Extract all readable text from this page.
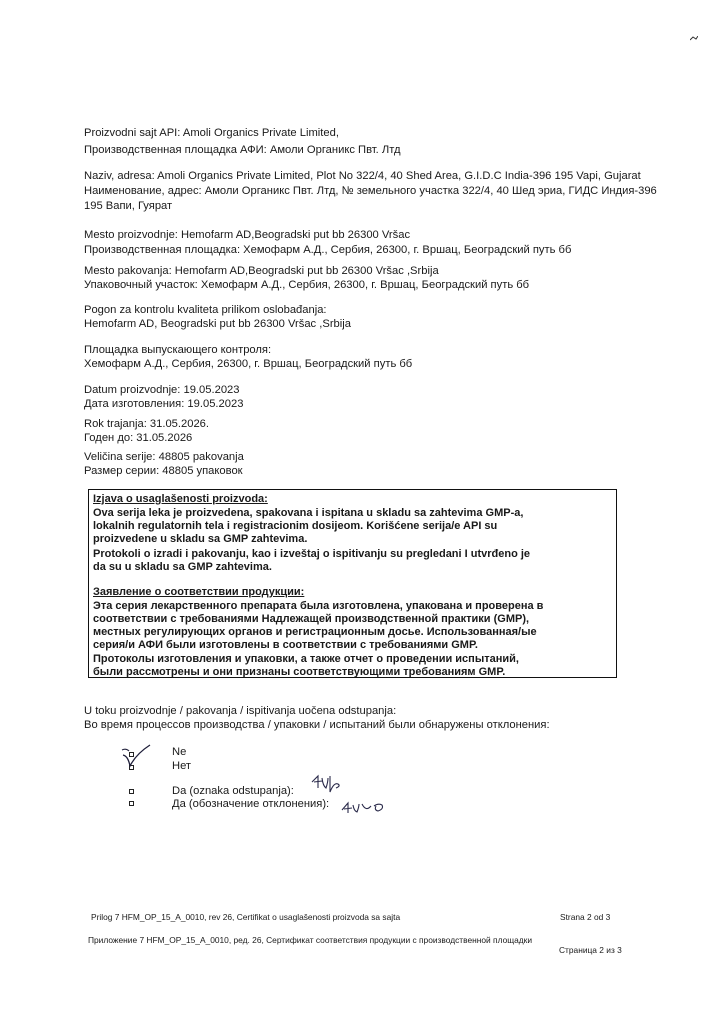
Proizvodni sajt API: Amoli Organics Private Limited,
Производственная площадка АФИ: Амоли Органикс Пвт. Лтд
Naziv, adresa: Amoli Organics Private Limited, Plot No 322/4, 40 Shed Area, G.I.D.C India-396 195 Vapi, Gujarat
Наименование, адрес: Амоли Органикс Пвт. Лтд, № земельного участка 322/4, 40 Шед эриа, ГИДС Индия-396
195 Вапи, Гуярат
Mesto proizvodnje: Hemofarm AD,Beogradski put bb 26300 Vršac
Производственная площадка: Хемофарм А.Д., Сербия, 26300, г. Вршац, Београдский путь бб
Mesto pakovanja: Hemofarm AD,Beogradski put bb 26300 Vršac ,Srbija
Упаковочный участок: Хемофарм А.Д., Сербия, 26300, г. Вршац, Београдский путь бб
Pogon za kontrolu kvaliteta prilikom oslobađanja:
Hemofarm AD, Beogradski put bb 26300 Vršac ,Srbija
Площадка выпускающего контроля:
Хемофарм А.Д., Сербия, 26300, г. Вршац, Београдский путь бб
Datum proizvodnje: 19.05.2023
Дата изготовления: 19.05.2023
Rok trajanja: 31.05.2026.
Годен до: 31.05.2026
Veličina serije: 48805 pakovanja
Размер серии: 48805 упаковок
Izjava o usaglašenosti proizvoda:
Ova serija leka je proizvedena, spakovana i ispitana u skladu sa zahtevima GMP-a,
lokalnih regulatornih tela i registracionim dosijeom. Korišćene serija/e API su
proizvedene u skladu sa GMP zahtevima.
Protokoli o izradi i pakovanju, kao i izveštaj o ispitivanju su pregledani I utvrđeno je
da su u skladu sa GMP zahtevima.
Заявление о соответствии продукции:
Эта серия лекарственного препарата была изготовлена, упакована и проверена в
соответствии с требованиями Надлежащей производственной практики (GMP),
местных регулирующих органов и регистрационным досье. Использованная/ые
серия/и АФИ были изготовлены в соответствии с требованиями GMP.
Протоколы изготовления и упаковки, а также отчет о проведении испытаний,
были рассмотрены и они признаны соответствующими требованиям GMP.
U toku proizvodnje / pakovanja / ispitivanja uočena odstupanja:
Во время процессов производства / упаковки / испытаний были обнаружены отклонения:
Ne
Нет
Da (oznaka odstupanja):
Да (обозначение отклонения):
Prilog 7 HFM_OP_15_A_0010, rev 26, Certifikat o usaglašenosti proizvoda sa sajta	Strana 2 od 3
Приложение 7 HFM_OP_15_A_0010, ред. 26, Сертификат соответствия продукции с производственной площадки
Страница 2 из 3
